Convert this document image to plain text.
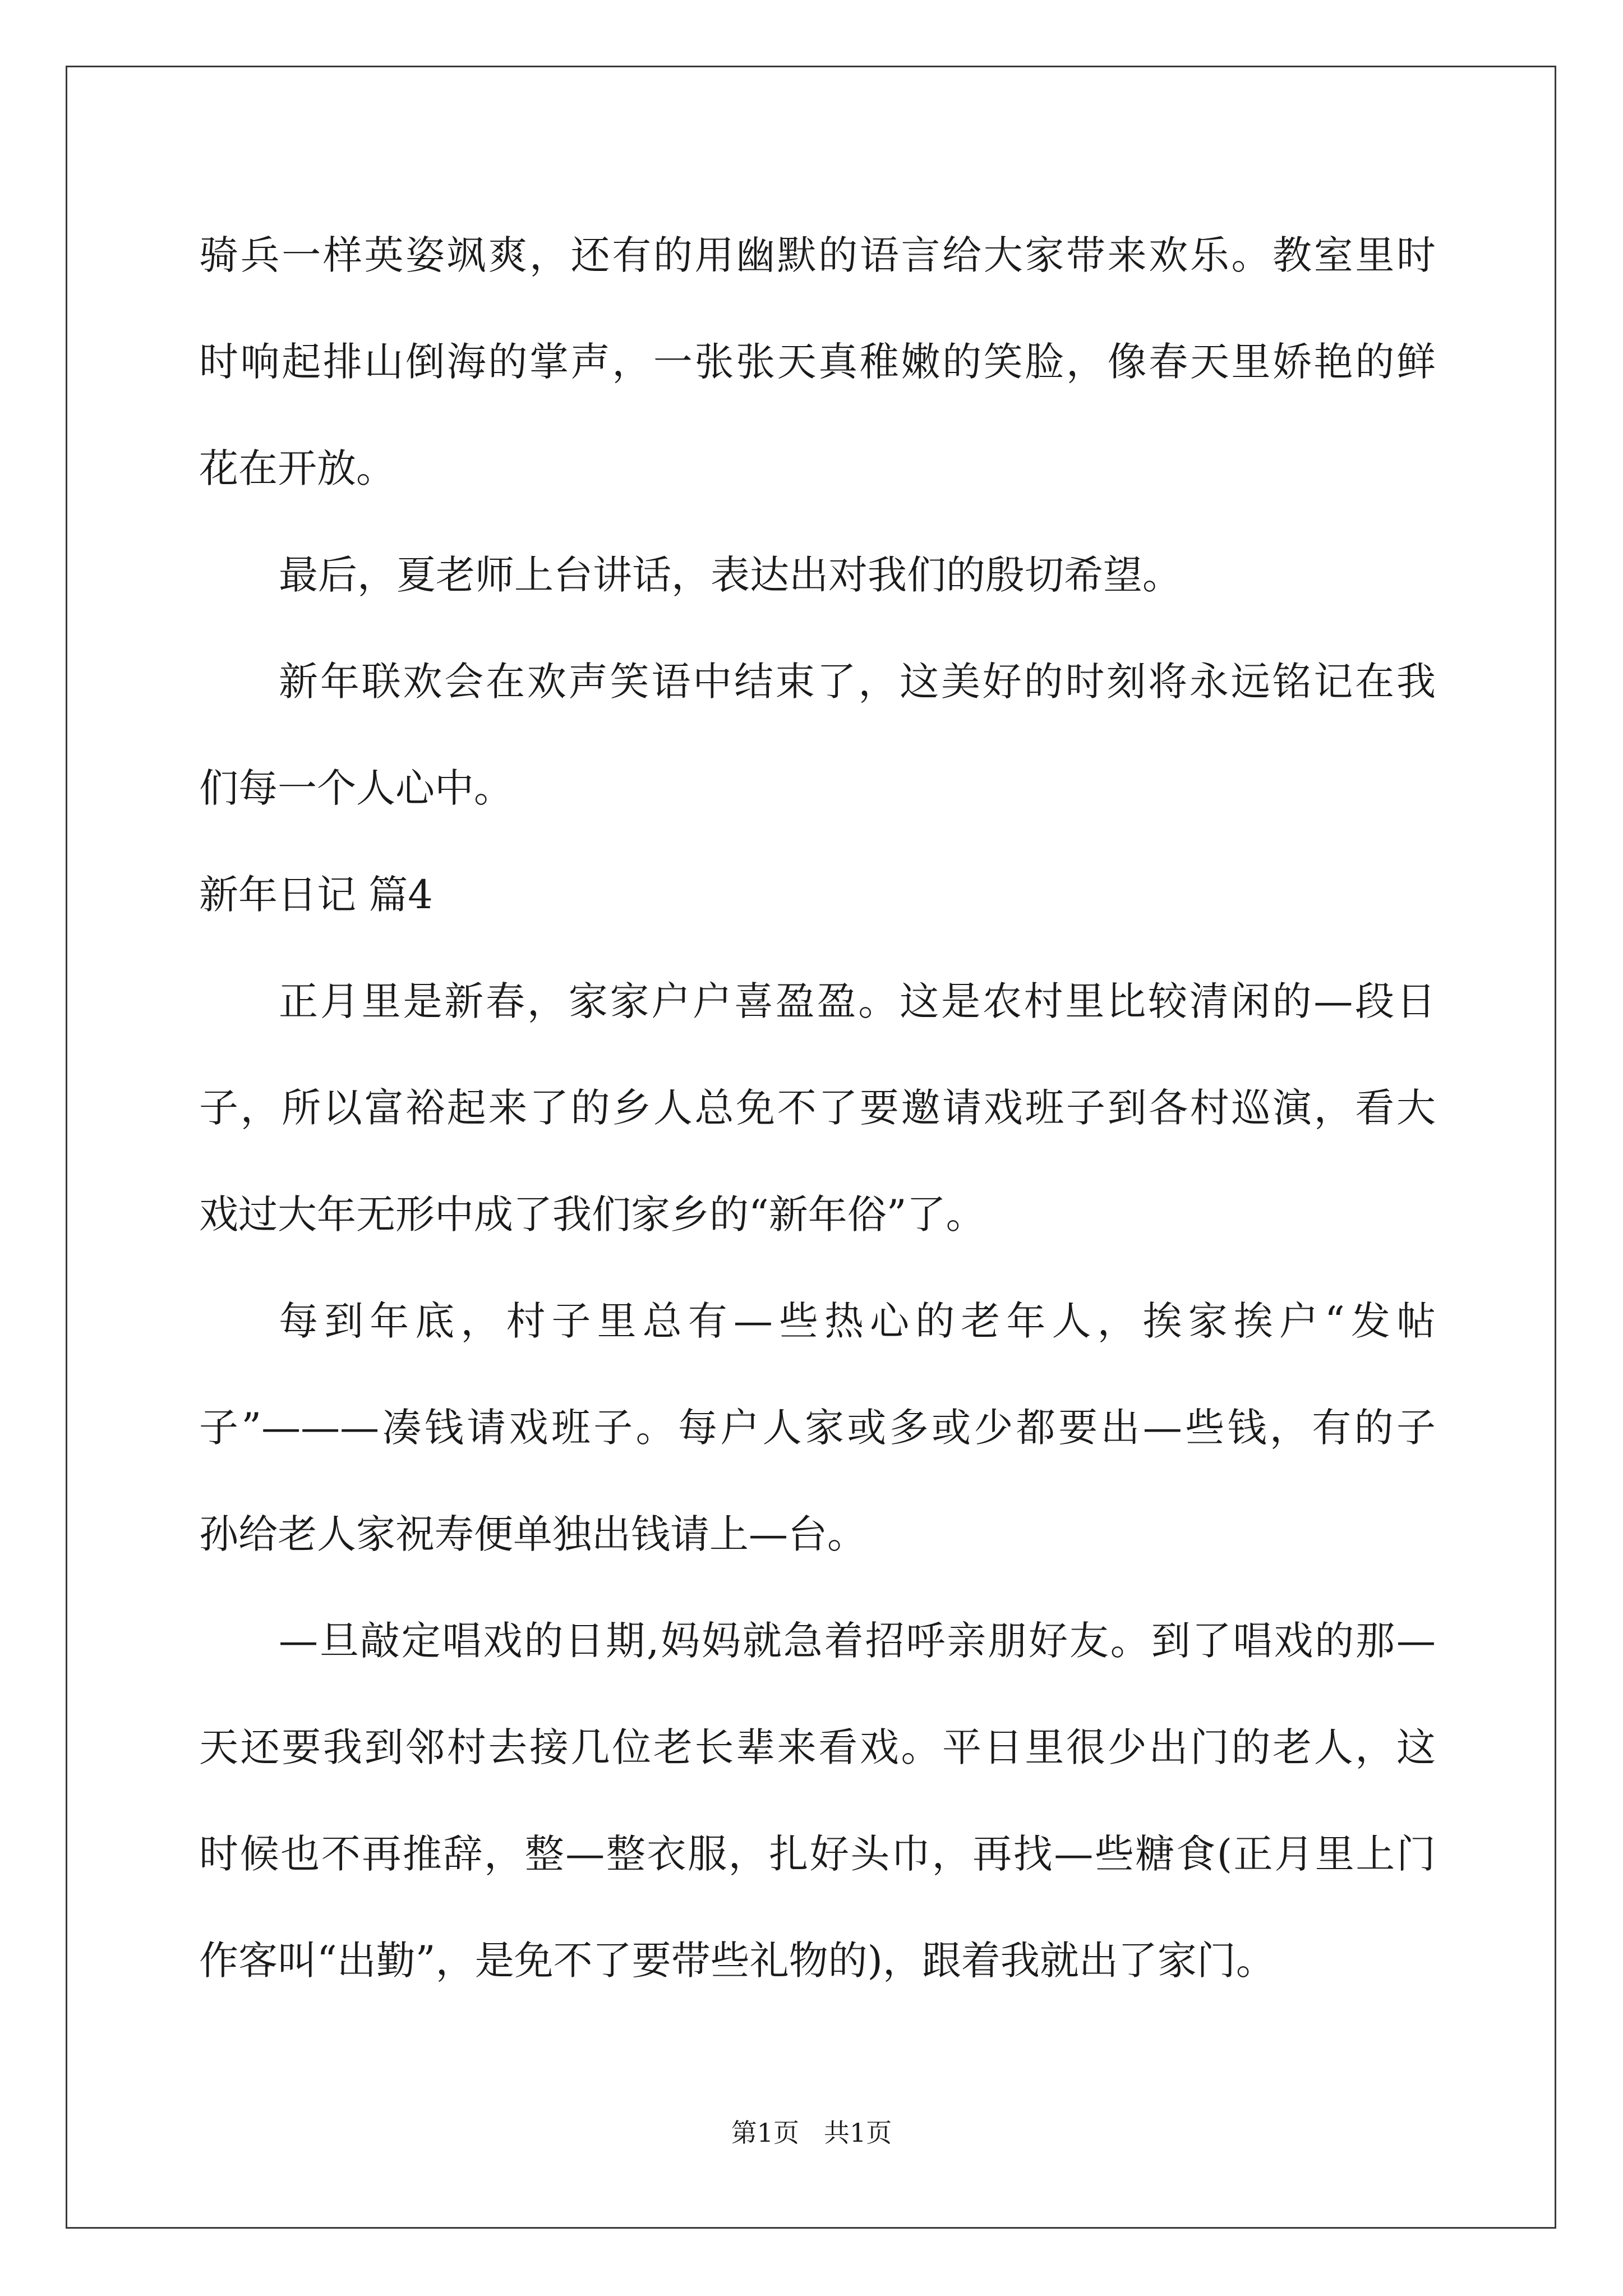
骑兵一样英姿飒爽，还有的用幽默的语言给大家带来欢乐。教室里时
时响起排山倒海的掌声，一张张天真稚嫩的笑脸，像春天里娇艳的鲜
花在开放。
最后，夏老师上台讲话，表达出对我们的殷切希望。
新年联欢会在欢声笑语中结束了，这美好的时刻将永远铭记在我
们每一个人心中。
新年日记 篇4
正月里是新春，家家户户喜盈盈。这是农村里比较清闲的—段日
子，所以富裕起来了的乡人总免不了要邀请戏班子到各村巡演，看大
戏过大年无形中成了我们家乡的“新年俗”了。
每到年底，村子里总有—些热心的老年人，挨家挨户“发帖
子”———凑钱请戏班子。每户人家或多或少都要出—些钱，有的子
孙给老人家祝寿便单独出钱请上—台。
—旦敲定唱戏的日期,妈妈就急着招呼亲朋好友。到了唱戏的那—
天还要我到邻村去接几位老长辈来看戏。平日里很少出门的老人，这
时候也不再推辞，整—整衣服，扎好头巾，再找—些糖食(正月里上门
作客叫“出勤”，是免不了要带些礼物的)，跟着我就出了家门。
第1页 共1页
